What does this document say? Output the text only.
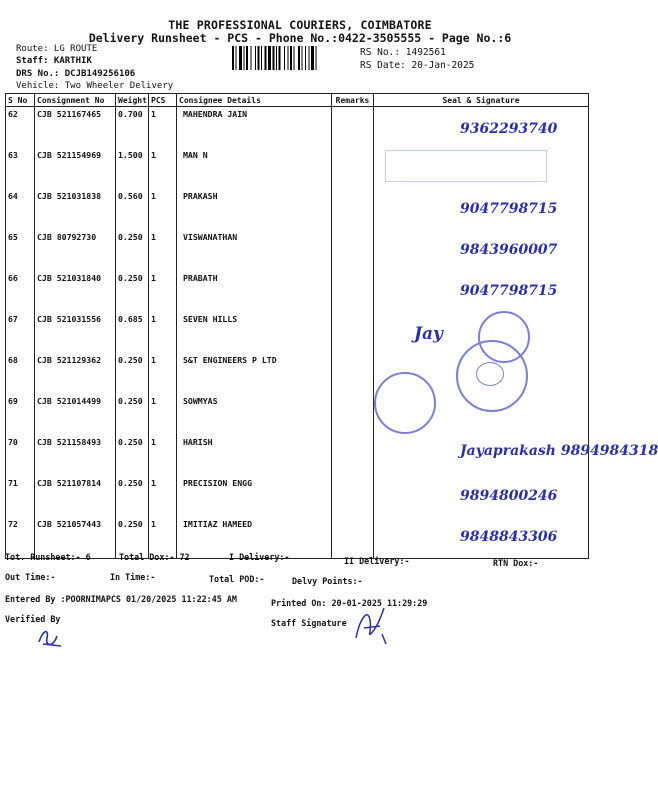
THE PROFESSIONAL COURIERS, COIMBATORE
Delivery Runsheet - PCS - Phone No.:0422-3505555 - Page No.:6
Route: LG ROUTE
Staff: KARTHIK
DRS No.: DCJB149256106
Vehicle: Two Wheeler Delivery
RS No.: 1492561
RS Date: 20-Jan-2025
S No	Consignment No	Weight	PCS	Consignee Details	Remarks	Seal & Signature
62	CJB 521167465	0.700	1	MAHENDRA JAIN		9362293740

63	CJB 521154969	1.500	1	MAN N		

64	CJB 521031838	0.560	1	PRAKASH		9047798715

65	CJB 80792730	0.250	1	VISWANATHAN		9843960007

66	CJB 521031840	0.250	1	PRABATH		9047798715

67	CJB 521031556	0.685	1	SEVEN HILLS		Jay

68	CJB 521129362	0.250	1	S&T ENGINEERS P LTD		

69	CJB 521014499	0.250	1	SOWMYAS		

70	CJB 521158493	0.250	1	HARISH		Jayaprakash 9894984318

71	CJB 521107814	0.250	1	PRECISION ENGG		9894800246

72	CJB 521057443	0.250	1	IMITIAZ HAMEED		9848843306
Tot. Runsheet:- 6	Total Dox:- 72	I Delivery:-	II Delivery:-	RTN Dox:-
Out Time:-	In Time:-	Total POD:-	Delvy Points:-
Entered By :POORNIMAPCS 01/20/2025 11:22:45 AM	Printed On: 20-01-2025 11:29:29
Verified By	Staff Signature
